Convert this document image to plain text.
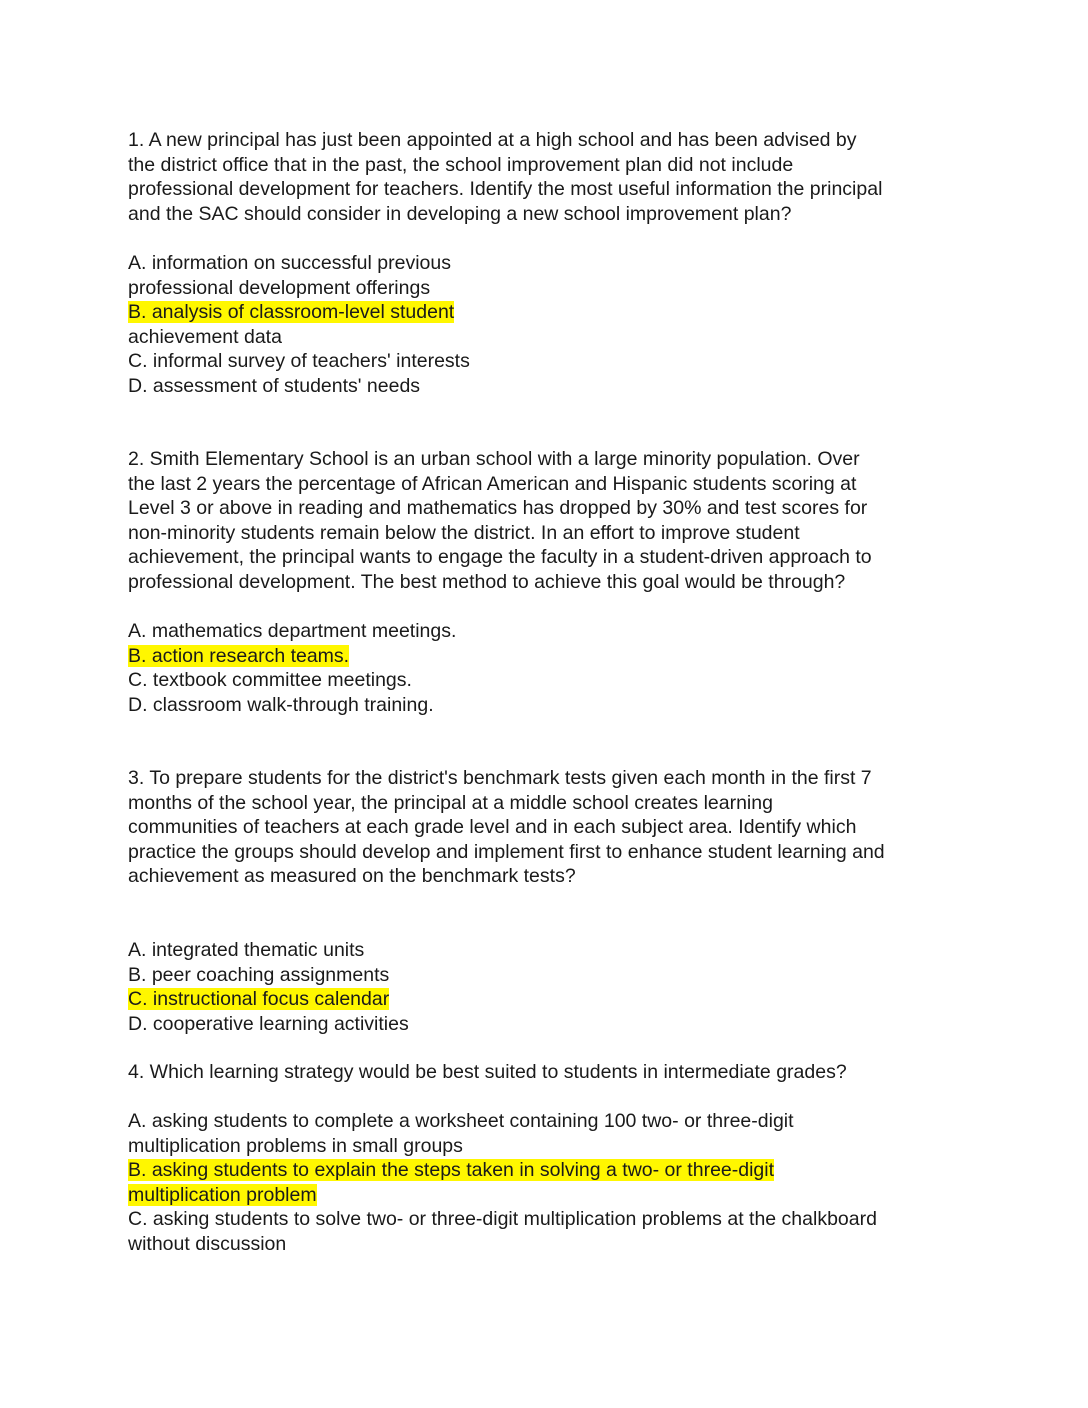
1. A new principal has just been appointed at a high school and has been advised by
the district office that in the past, the school improvement plan did not include
professional development for teachers. Identify the most useful information the principal
and the SAC should consider in developing a new school improvement plan?
A. information on successful previous
professional development offerings
B. analysis of classroom-level student
achievement data
C. informal survey of teachers' interests
D. assessment of students' needs
2. Smith Elementary School is an urban school with a large minority population. Over
the last 2 years the percentage of African American and Hispanic students scoring at
Level 3 or above in reading and mathematics has dropped by 30% and test scores for
non-minority students remain below the district. In an effort to improve student
achievement, the principal wants to engage the faculty in a student-driven approach to
professional development. The best method to achieve this goal would be through?
A. mathematics department meetings.
B. action research teams.
C. textbook committee meetings.
D. classroom walk-through training.
3. To prepare students for the district's benchmark tests given each month in the first 7
months of the school year, the principal at a middle school creates learning
communities of teachers at each grade level and in each subject area. Identify which
practice the groups should develop and implement first to enhance student learning and
achievement as measured on the benchmark tests?
A. integrated thematic units
B. peer coaching assignments
C. instructional focus calendar
D. cooperative learning activities
4. Which learning strategy would be best suited to students in intermediate grades?
A. asking students to complete a worksheet containing 100 two- or three-digit
multiplication problems in small groups
B. asking students to explain the steps taken in solving a two- or three-digit
multiplication problem
C. asking students to solve two- or three-digit multiplication problems at the chalkboard
without discussion
